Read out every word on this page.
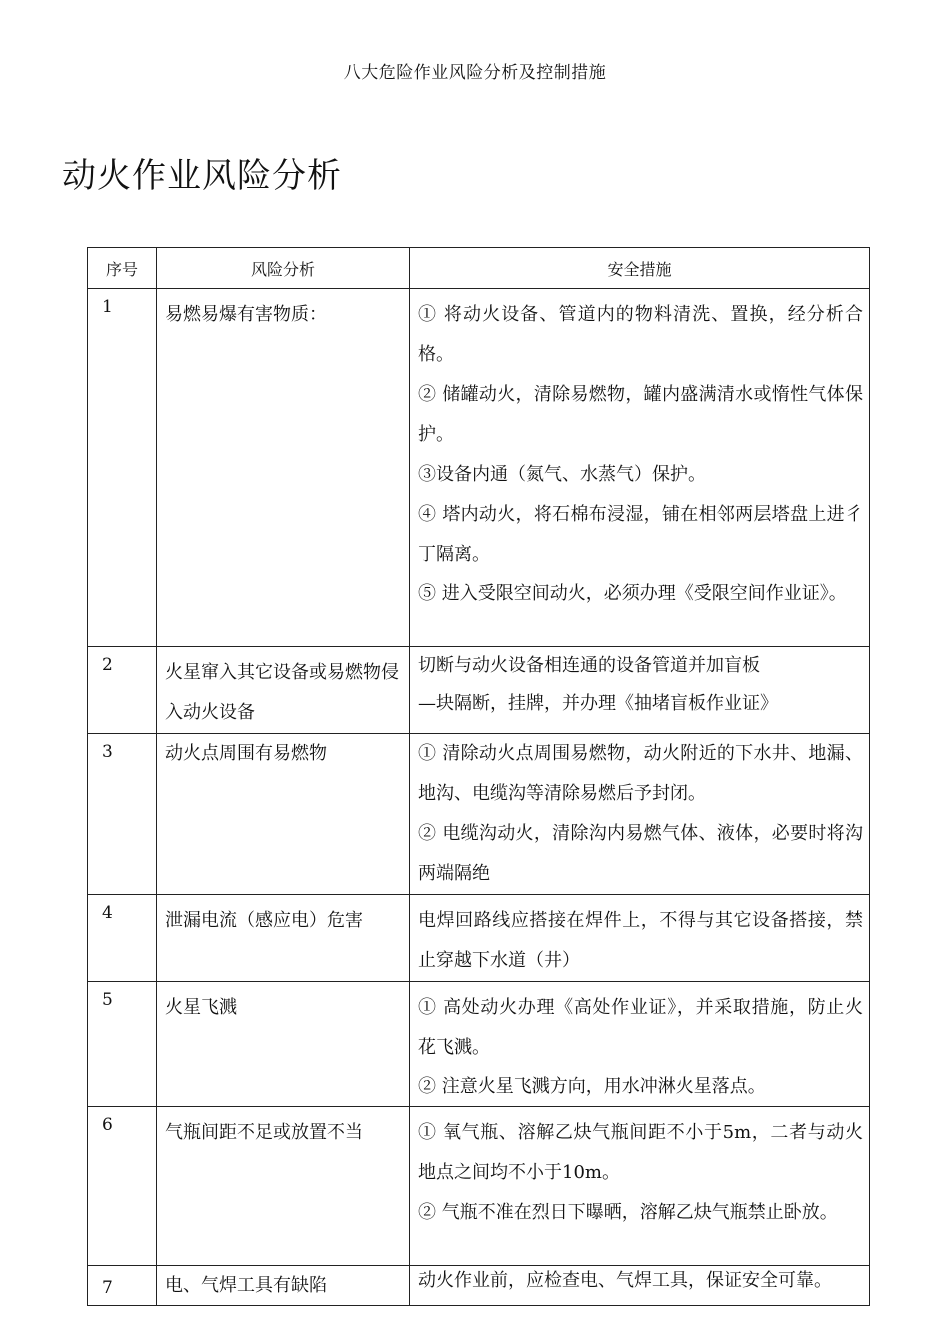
八大危险作业风险分析及控制措施
动火作业风险分析
序号	风险分析	安全措施

1	易燃易爆有害物质：	① 将动火设备、管道内的物料清洗、置换，经分析合格。
② 储罐动火，清除易燃物，罐内盛满清水或惰性气体保护。
③设备内通（氮气、水蒸气）保护。
④ 塔内动火，将石棉布浸湿，铺在相邻两层塔盘上进彳丁隔离。
⑤ 进入受限空间动火，必须办理《受限空间作业证》。

2	火星窜入其它设备或易燃物侵入动火设备	切断与动火设备相连通的设备管道并加盲板
—块隔断，挂牌，并办理《抽堵盲板作业证》

3	动火点周围有易燃物	① 清除动火点周围易燃物，动火附近的下水井、地漏、地沟、电缆沟等清除易燃后予封闭。
② 电缆沟动火，清除沟内易燃气体、液体，必要时将沟两端隔绝

4	泄漏电流（感应电）危害	电焊回路线应搭接在焊件上，不得与其它设备搭接，禁止穿越下水道（井）

5	火星飞溅	① 高处动火办理《高处作业证》，并采取措施，防止火花飞溅。
② 注意火星飞溅方向，用水冲淋火星落点。

6	气瓶间距不足或放置不当	① 氧气瓶、溶解乙炔气瓶间距不小于5m，二者与动火地点之间均不小于10m。
② 气瓶不准在烈日下曝晒，溶解乙炔气瓶禁止卧放。

7	电、气焊工具有缺陷	动火作业前，应检查电、气焊工具，保证安全可靠。
